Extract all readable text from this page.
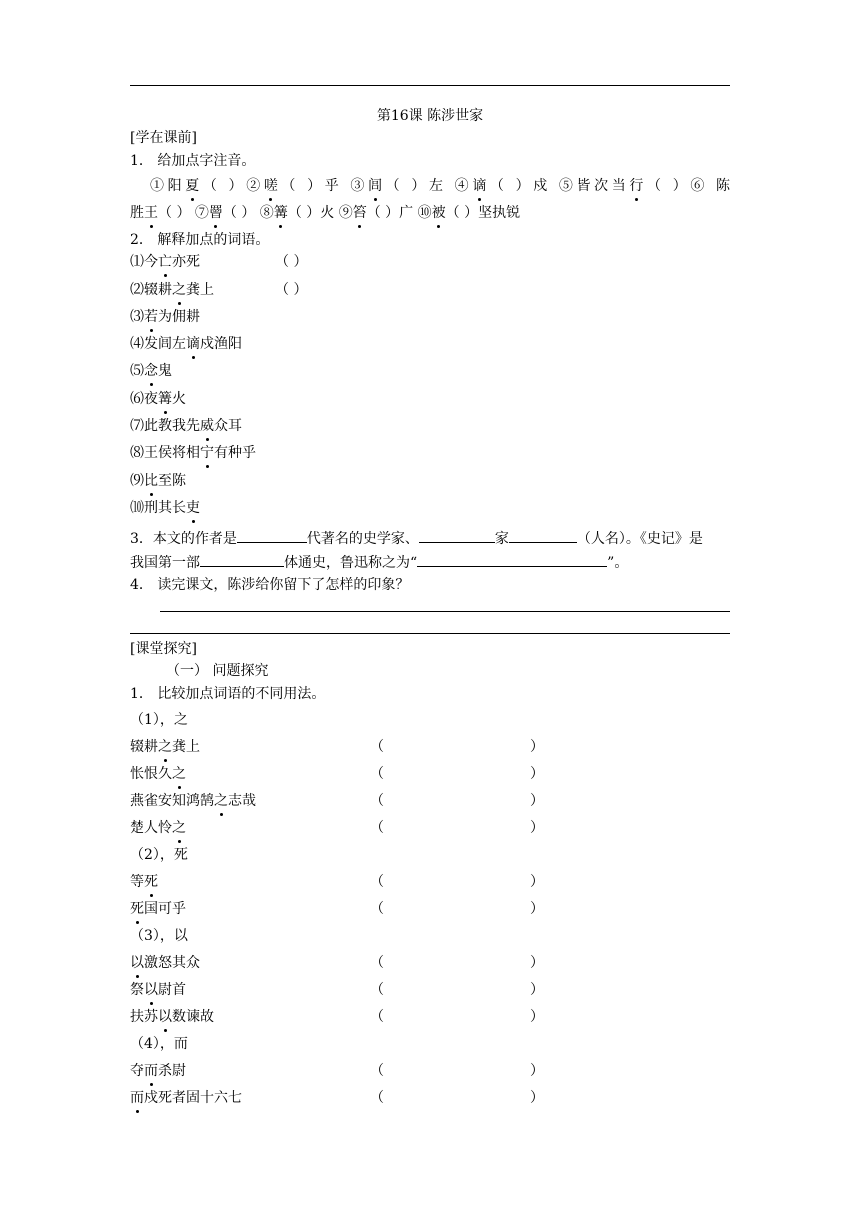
第16课 陈涉世家
[学在课前]
1． 给加点字注音。
①阳夏（ ）②嗟（ ）乎 ③闾（ ）左 ④谪（ ）戍 ⑤皆次当行（ ）⑥ 陈
胜王（ ） ⑦罾（ ） ⑧篝（ ）火 ⑨笞（ ）广 ⑩被（ ）坚执锐
2． 解释加点的词语。
⑴今亡亦死	（ ）
⑵辍耕之龚上	（ ）
⑶若为佣耕
⑷发闾左谪戍渔阳
⑸念鬼
⑹夜篝火
⑺此教我先威众耳
⑻王侯将相宁有种乎
⑼比至陈
⑽刑其长吏
3．本文的作者是	代著名的史学家、	家	（人名）。《史记》是
我国第一部	体通史，鲁迅称之为“	”。
4． 读完课文，陈涉给你留下了怎样的印象？
[课堂探究]
（一） 问题探究
1． 比较加点词语的不同用法。
（1），之
辍耕之龚上	（	）
怅恨久之	（	）
燕雀安知鸿鹄之志哉	（	）
楚人怜之	（	）
（2），死
等死	（	）
死国可乎	（	）
（3），以
以激怒其众	（	）
祭以尉首	（	）
扶苏以数谏故	（	）
（4），而
夺而杀尉	（	）
而戍死者固十六七	（	）
